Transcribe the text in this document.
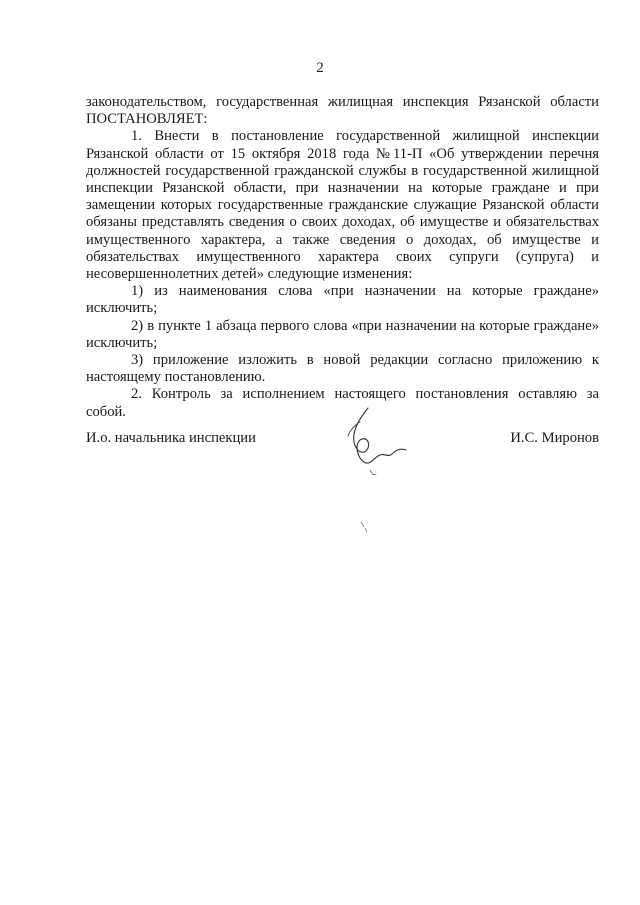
2

законодательством, государственная жилищная инспекция Рязанской области ПОСТАНОВЛЯЕТ:

1. Внести в постановление государственной жилищной инспекции Рязанской области от 15 октября 2018 года №11-П «Об утверждении перечня должностей государственной гражданской службы в государственной жилищной инспекции Рязанской области, при назначении на которые граждане и при замещении которых государственные гражданские служащие Рязанской области обязаны представлять сведения о своих доходах, об имуществе и обязательствах имущественного характера, а также сведения о доходах, об имуществе и обязательствах имущественного характера своих супруги (супруга) и несовершеннолетних детей» следующие изменения:

1) из наименования слова «при назначении на которые граждане» исключить;

2) в пункте 1 абзаца первого слова «при назначении на которые граждане» исключить;

3) приложение изложить в новой редакции согласно приложению к настоящему постановлению.

2. Контроль за исполнением настоящего постановления оставляю за собой.

И.о. начальника инспекции	И.С. Миронов
